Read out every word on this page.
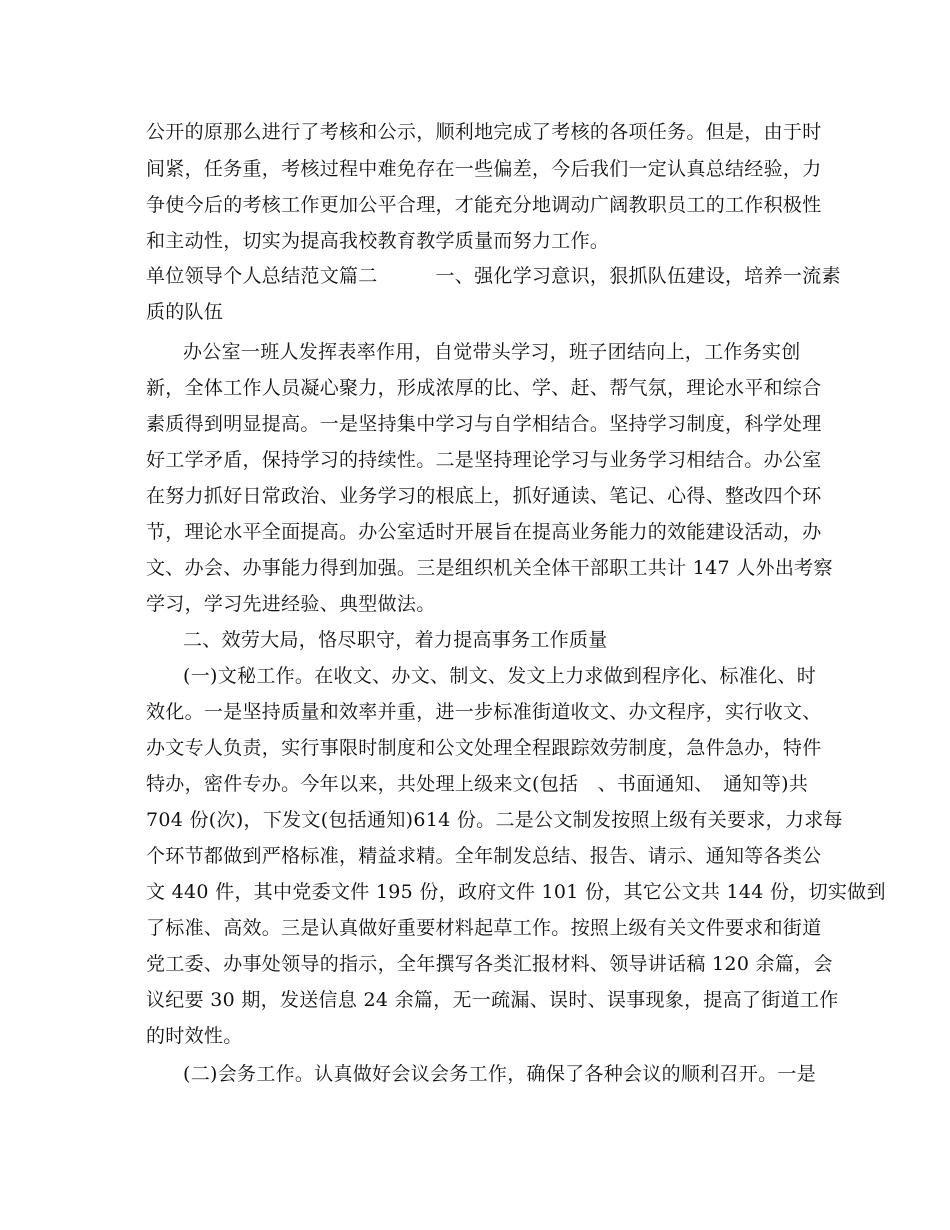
公开的原那么进行了考核和公示，顺利地完成了考核的各项任务。但是，由于时
间紧，任务重，考核过程中难免存在一些偏差，今后我们一定认真总结经验，力
争使今后的考核工作更加公平合理，才能充分地调动广阔教职员工的工作积极性
和主动性，切实为提高我校教育教学质量而努力工作。
单位领导个人总结范文篇二　　　一、强化学习意识，狠抓队伍建设，培养一流素
质的队伍
办公室一班人发挥表率作用，自觉带头学习，班子团结向上，工作务实创
新，全体工作人员凝心聚力，形成浓厚的比、学、赶、帮气氛，理论水平和综合
素质得到明显提高。一是坚持集中学习与自学相结合。坚持学习制度，科学处理
好工学矛盾，保持学习的持续性。二是坚持理论学习与业务学习相结合。办公室
在努力抓好日常政治、业务学习的根底上，抓好通读、笔记、心得、整改四个环
节，理论水平全面提高。办公室适时开展旨在提高业务能力的效能建设活动，办
文、办会、办事能力得到加强。三是组织机关全体干部职工共计 147 人外出考察
学习，学习先进经验、典型做法。
二、效劳大局，恪尽职守，着力提高事务工作质量
(一)文秘工作。在收文、办文、制文、发文上力求做到程序化、标准化、时
效化。一是坚持质量和效率并重，进一步标准街道收文、办文程序，实行收文、
办文专人负责，实行事限时制度和公文处理全程跟踪效劳制度，急件急办，特件
特办，密件专办。今年以来，共处理上级来文(包括　、书面通知、　通知等)共
704 份(次)，下发文(包括通知)614 份。二是公文制发按照上级有关要求，力求每
个环节都做到严格标准，精益求精。全年制发总结、报告、请示、通知等各类公
文 440 件，其中党委文件 195 份，政府文件 101 份，其它公文共 144 份，切实做到
了标准、高效。三是认真做好重要材料起草工作。按照上级有关文件要求和街道
党工委、办事处领导的指示，全年撰写各类汇报材料、领导讲话稿 120 余篇，会
议纪要 30 期，发送信息 24 余篇，无一疏漏、误时、误事现象，提高了街道工作
的时效性。
(二)会务工作。认真做好会议会务工作，确保了各种会议的顺利召开。一是
